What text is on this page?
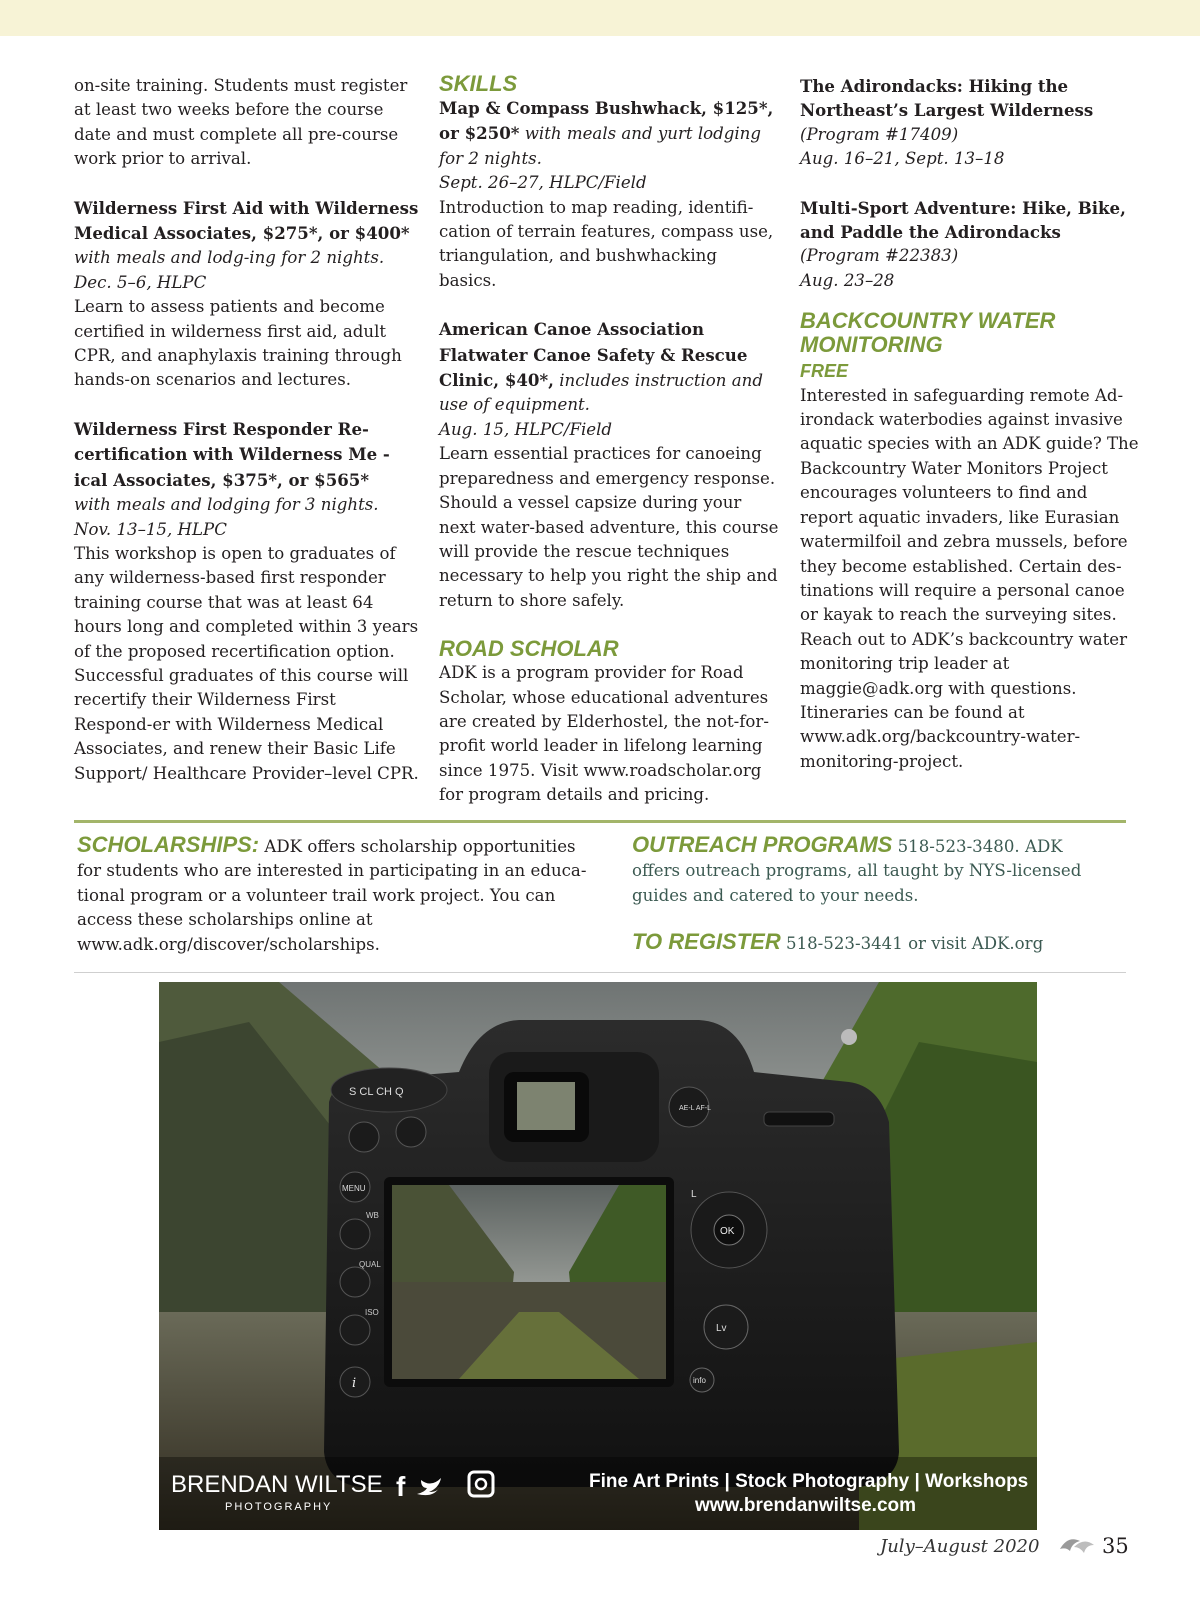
on-site training. Students must register at least two weeks before the course date and must complete all pre-course work prior to arrival.

Wilderness First Aid with Wilderness Medical Associates, $275*, or $400* with meals and lodg-ing for 2 nights.
Dec. 5–6, HLPC
Learn to assess patients and become certified in wilderness first aid, adult CPR, and anaphylaxis training through hands-on scenarios and lectures.

Wilderness First Responder Re-certification with Wilderness Me - ical Associates, $375*, or $565*
with meals and lodging for 3 nights.
Nov. 13–15, HLPC
This workshop is open to graduates of any wilderness-based first responder training course that was at least 64 hours long and completed within 3 years of the proposed recertification option. Successful graduates of this course will recertify their Wilderness First Respond-er with Wilderness Medical Associates, and renew their Basic Life Support/ Healthcare Provider–level CPR.

SKILLS

Map & Compass Bushwhack, $125*, or $250* with meals and yurt lodging for 2 nights.
Sept. 26–27, HLPC/Field
Introduction to map reading, identifi-cation of terrain features, compass use, triangulation, and bushwhacking basics.

American Canoe Association Flatwater Canoe Safety & Rescue Clinic, $40*, includes instruction and use of equipment.
Aug. 15, HLPC/Field
Learn essential practices for canoeing preparedness and emergency response. Should a vessel capsize during your next water-based adventure, this course will provide the rescue techniques necessary to help you right the ship and return to shore safely.

ROAD SCHOLAR

ADK is a program provider for Road Scholar, whose educational adventures are created by Elderhostel, the not-for-profit world leader in lifelong learning since 1975. Visit www.roadscholar.org for program details and pricing.

The Adirondacks: Hiking the Northeast’s Largest Wilderness
(Program #17409)
Aug. 16–21, Sept. 13–18

Multi-Sport Adventure: Hike, Bike, and Paddle the Adirondacks
(Program #22383)
Aug. 23–28

BACKCOUNTRY WATER MONITORING
FREE

Interested in safeguarding remote Ad-irondack waterbodies against invasive aquatic species with an ADK guide? The Backcountry Water Monitors Project encourages volunteers to find and report aquatic invaders, like Eurasian watermilfoil and zebra mussels, before they become established. Certain des-tinations will require a personal canoe or kayak to reach the surveying sites. Reach out to ADK’s backcountry water monitoring trip leader at maggie@adk.org with questions. Itineraries can be found at www.adk.org/backcountry-water-monitoring-project.

SCHOLARSHIPS: ADK offers scholarship opportunities for students who are interested in participating in an educa-tional program or a volunteer trail work project. You can access these scholarships online at www.adk.org/discover/scholarships.
OUTREACH PROGRAMS 518-523-3480. ADK offers outreach programs, all taught by NYS-licensed guides and catered to your needs.
TO REGISTER 518-523-3441 or visit ADK.org
S CL CH Q
MENU
WB
QUAL
ISO
i
AE-L AF-L
L
OK
Lv
info
BRENDAN WILTSE
PHOTOGRAPHY
f	Fine Art Prints | Stock Photography | Workshops
www.brendanwiltse.com
July–August 2020	35
